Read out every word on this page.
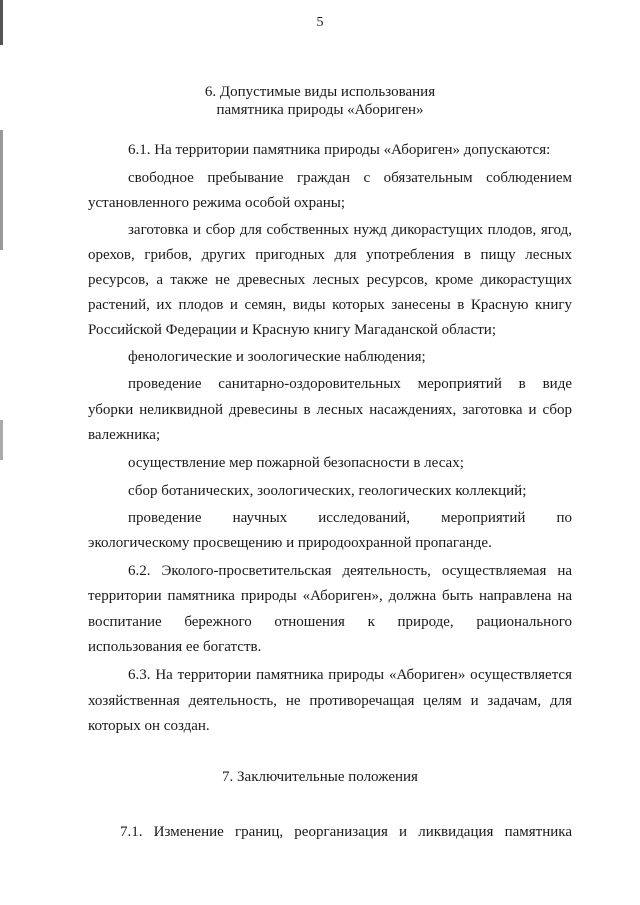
5
6. Допустимые виды использования
памятника природы «Абориген»
6.1. На территории памятника природы «Абориген» допускаются:
свободное пребывание граждан с обязательным соблюдением
установленного режима особой охраны;
заготовка и сбор для собственных нужд дикорастущих плодов, ягод,
орехов, грибов, других пригодных для употребления в пищу лесных
ресурсов, а также не древесных лесных ресурсов, кроме дикорастущих
растений, их плодов и семян, виды которых занесены в Красную книгу
Российской Федерации и Красную книгу Магаданской области;
фенологические и зоологические наблюдения;
проведение санитарно-оздоровительных мероприятий в виде
уборки неликвидной древесины в лесных насаждениях, заготовка и сбор
валежника;
осуществление мер пожарной безопасности в лесах;
сбор ботанических, зоологических, геологических коллекций;
проведение научных исследований, мероприятий по
экологическому просвещению и природоохранной пропаганде.
6.2. Эколого-просветительская деятельность, осуществляемая на
территории памятника природы «Абориген», должна быть направлена на
воспитание бережного отношения к природе, рационального
использования ее богатств.
6.3. На территории памятника природы «Абориген» осуществляется
хозяйственная деятельность, не противоречащая целям и задачам, для
которых он создан.
7. Заключительные положения
7.1. Изменение границ, реорганизация и ликвидация памятника
